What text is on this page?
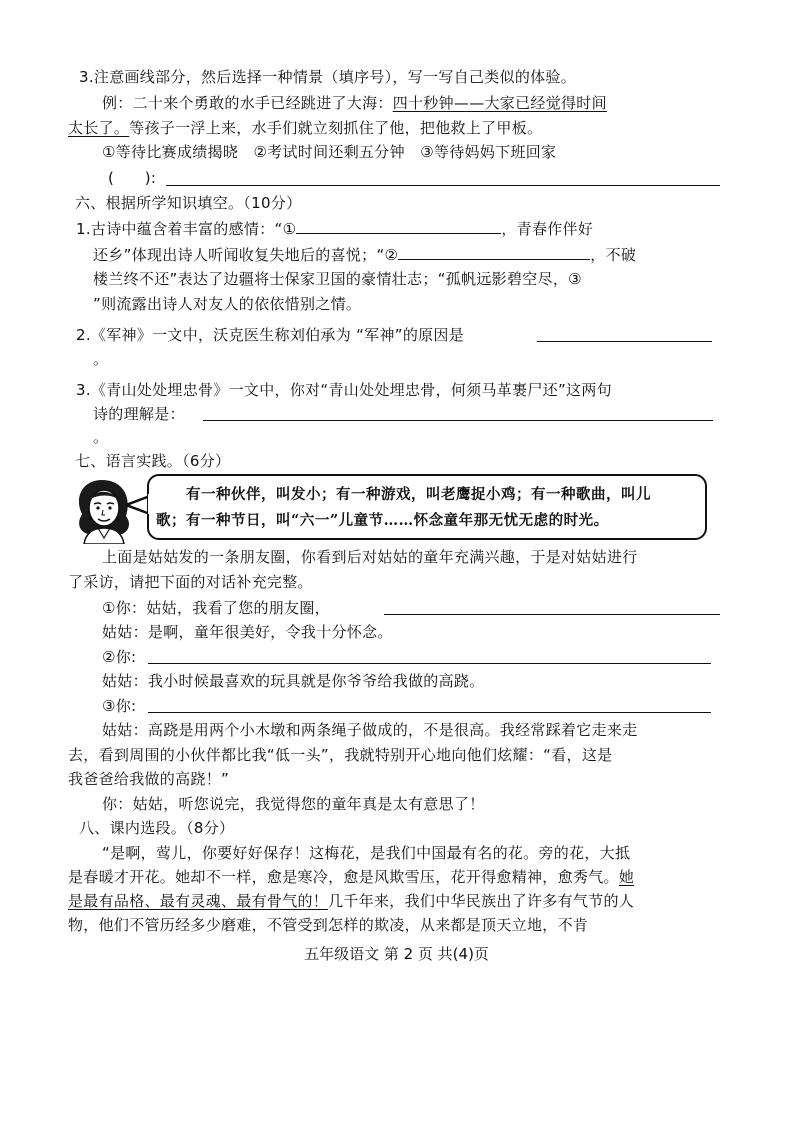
3.注意画线部分，然后选择一种情景（填序号），写一写自己类似的体验。
例：二十来个勇敢的水手已经跳进了大海：四十秒钟——大家已经觉得时间
太长了。等孩子一浮上来，水手们就立刻抓住了他，把他救上了甲板。
①等待比赛成绩揭晓　②考试时间还剩五分钟　③等待妈妈下班回家
(　　):
六、根据所学知识填空。（10分）
1.古诗中蕴含着丰富的感情：“①	，青春作伴好
还乡”体现出诗人听闻收复失地后的喜悦；“②	，不破
楼兰终不还”表达了边疆将士保家卫国的豪情壮志；“孤帆远影碧空尽，③
”则流露出诗人对友人的依依惜别之情。
2.《军神》一文中，沃克医生称刘伯承为 “军神”的原因是
。
3.《青山处处埋忠骨》一文中，你对“青山处处埋忠骨，何须马革裹尸还”这两句
诗的理解是：
。
七、语言实践。（6分）
有一种伙伴，叫发小；有一种游戏，叫老鹰捉小鸡；有一种歌曲，叫儿
歌；有一种节日，叫“六一”儿童节……怀念童年那无忧无虑的时光。
上面是姑姑发的一条朋友圈，你看到后对姑姑的童年充满兴趣，于是对姑姑进行
了采访，请把下面的对话补充完整。
①你：姑姑，我看了您的朋友圈，
姑姑：是啊，童年很美好，令我十分怀念。
②你:
姑姑：我小时候最喜欢的玩具就是你爷爷给我做的高跷。
③你:
姑姑：高跷是用两个小木墩和两条绳子做成的，不是很高。我经常踩着它走来走
去，看到周围的小伙伴都比我“低一头”，我就特别开心地向他们炫耀：“看，这是
我爸爸给我做的高跷！”
你：姑姑，听您说完，我觉得您的童年真是太有意思了！
八、课内选段。（8分）
“是啊，莺儿，你要好好保存！这梅花，是我们中国最有名的花。旁的花，大抵
是春暖才开花。她却不一样，愈是寒冷，愈是风欺雪压，花开得愈精神，愈秀气。她
是最有品格、最有灵魂、最有骨气的！几千年来，我们中华民族出了许多有气节的人
物，他们不管历经多少磨难，不管受到怎样的欺凌，从来都是顶天立地，不肯
五年级语文 第 2 页 共(4)页
